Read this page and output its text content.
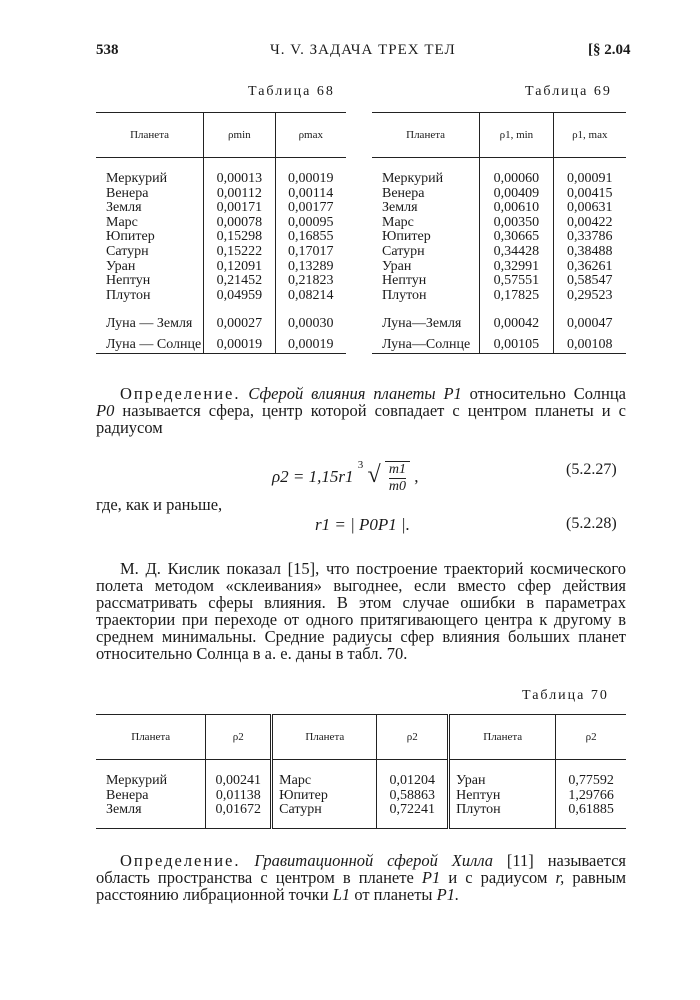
538	Ч. V. ЗАДАЧА ТРЕХ ТЕЛ	[§ 2.04
Таблица 68
Планета	ρmin	ρmax

Меркурий	0,00013	0,00019
Венера	0,00112	0,00114
Земля	0,00171	0,00177
Марс	0,00078	0,00095
Юпитер	0,15298	0,16855
Сатурн	0,15222	0,17017
Уран	0,12091	0,13289
Нептун	0,21452	0,21823
Плутон	0,04959	0,08214

Луна — Земля	0,00027	0,00030

Луна — Солнце	0,00019	0,00019
Таблица 69
Планета	ρ1, min	ρ1, max

Меркурий	0,00060	0,00091
Венера	0,00409	0,00415
Земля	0,00610	0,00631
Марс	0,00350	0,00422
Юпитер	0,30665	0,33786
Сатурн	0,34428	0,38488
Уран	0,32991	0,36261
Нептун	0,57551	0,58547
Плутон	0,17825	0,29523

Луна—Земля	0,00042	0,00047

Луна—Солнце	0,00105	0,00108
Определение. Сферой влияния планеты P1 относительно Солнца P0 называется сфера, центр которой совпадает с центром планеты и с радиусом
ρ2 = 1,15r1 $^3$ √ $\frac{m1}{m0}$ ,	(5.2.27)
где, как и раньше,
r1 = | P0P1 |.	(5.2.28)
М. Д. Кислик показал [15], что построение траекторий космического полета методом «склеивания» выгоднее, если вместо сфер действия рассматривать сферы влияния. В этом случае ошибки в параметрах траектории при переходе от одного притягивающего центра к другому в среднем минимальны. Средние радиусы сфер влияния больших планет относительно Солнца в а. е. даны в табл. 70.
Таблица 70
Планета	ρ2	Планета	ρ2	Планета	ρ2

Меркурий	0,00241	Марс	0,01204	Уран	0,77592
Венера	0,01138	Юпитер	0,58863	Нептун	1,29766
Земля	0,01672	Сатурн	0,72241	Плутон	0,61885

Определение. Гравитационной сферой Хилла [11] называется область пространства с центром в планете P1 и с радиусом r, равным расстоянию либрационной точки L1 от планеты P1.
